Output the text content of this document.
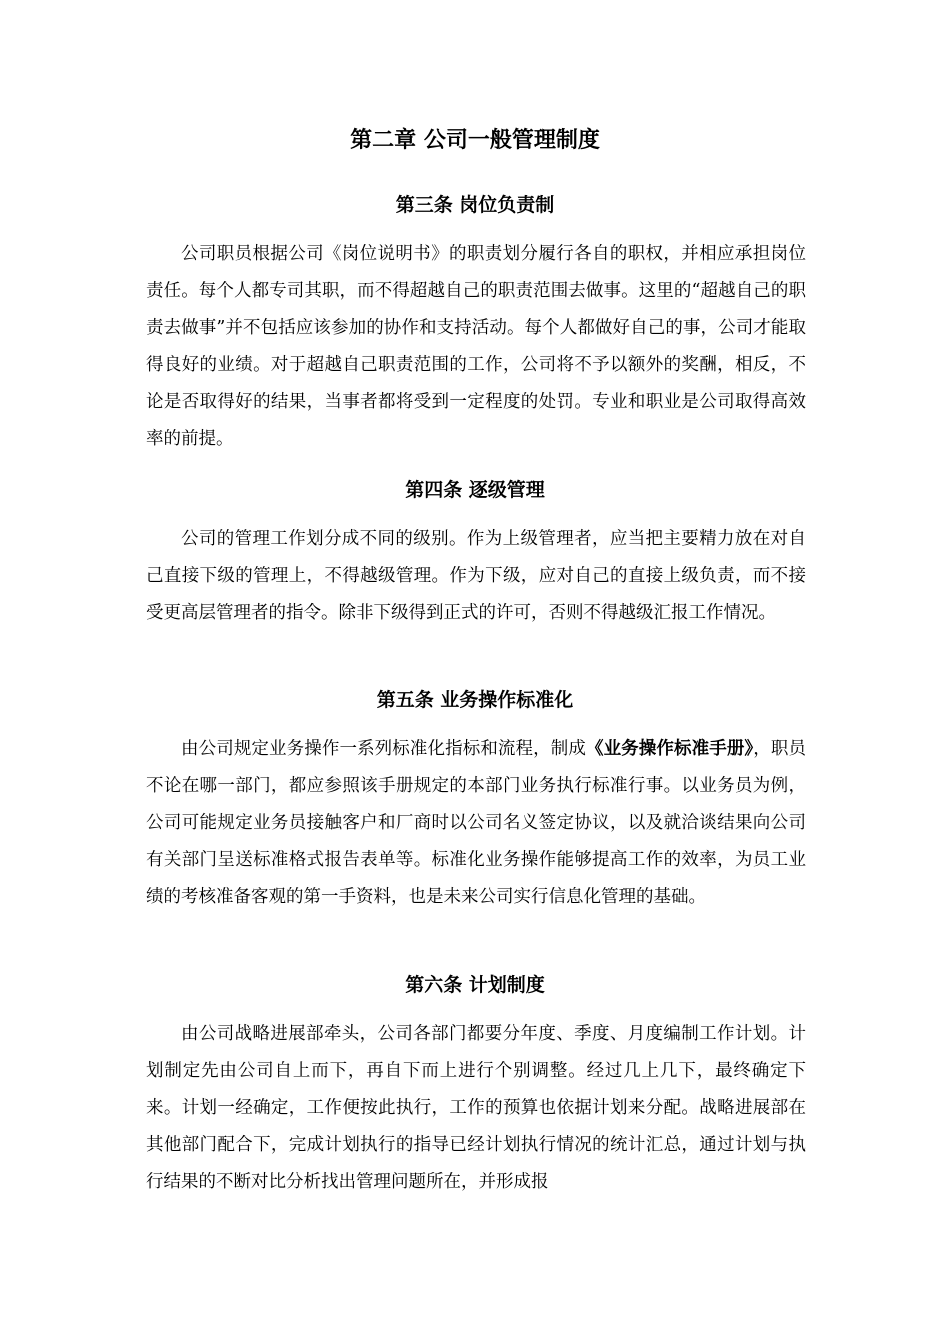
第二章 公司一般管理制度
第三条 岗位负责制

公司职员根据公司《岗位说明书》的职责划分履行各自的职权，并相应承担岗位责任。每个人都专司其职，而不得超越自己的职责范围去做事。这里的“超越自己的职责去做事”并不包括应该参加的协作和支持活动。每个人都做好自己的事，公司才能取得良好的业绩。对于超越自己职责范围的工作，公司将不予以额外的奖酬，相反，不论是否取得好的结果，当事者都将受到一定程度的处罚。专业和职业是公司取得高效率的前提。

第四条 逐级管理

公司的管理工作划分成不同的级别。作为上级管理者，应当把主要精力放在对自己直接下级的管理上，不得越级管理。作为下级，应对自己的直接上级负责，而不接受更高层管理者的指令。除非下级得到正式的许可，否则不得越级汇报工作情况。

第五条 业务操作标准化

由公司规定业务操作一系列标准化指标和流程，制成《业务操作标准手册》，职员不论在哪一部门，都应参照该手册规定的本部门业务执行标准行事。以业务员为例，公司可能规定业务员接触客户和厂商时以公司名义签定协议，以及就洽谈结果向公司有关部门呈送标准格式报告表单等。标准化业务操作能够提高工作的效率，为员工业绩的考核准备客观的第一手资料，也是未来公司实行信息化管理的基础。

第六条 计划制度

由公司战略进展部牵头，公司各部门都要分年度、季度、月度编制工作计划。计划制定先由公司自上而下，再自下而上进行个别调整。经过几上几下，最终确定下来。计划一经确定，工作便按此执行，工作的预算也依据计划来分配。战略进展部在其他部门配合下，完成计划执行的指导已经计划执行情况的统计汇总，通过计划与执行结果的不断对比分析找出管理问题所在，并形成报
